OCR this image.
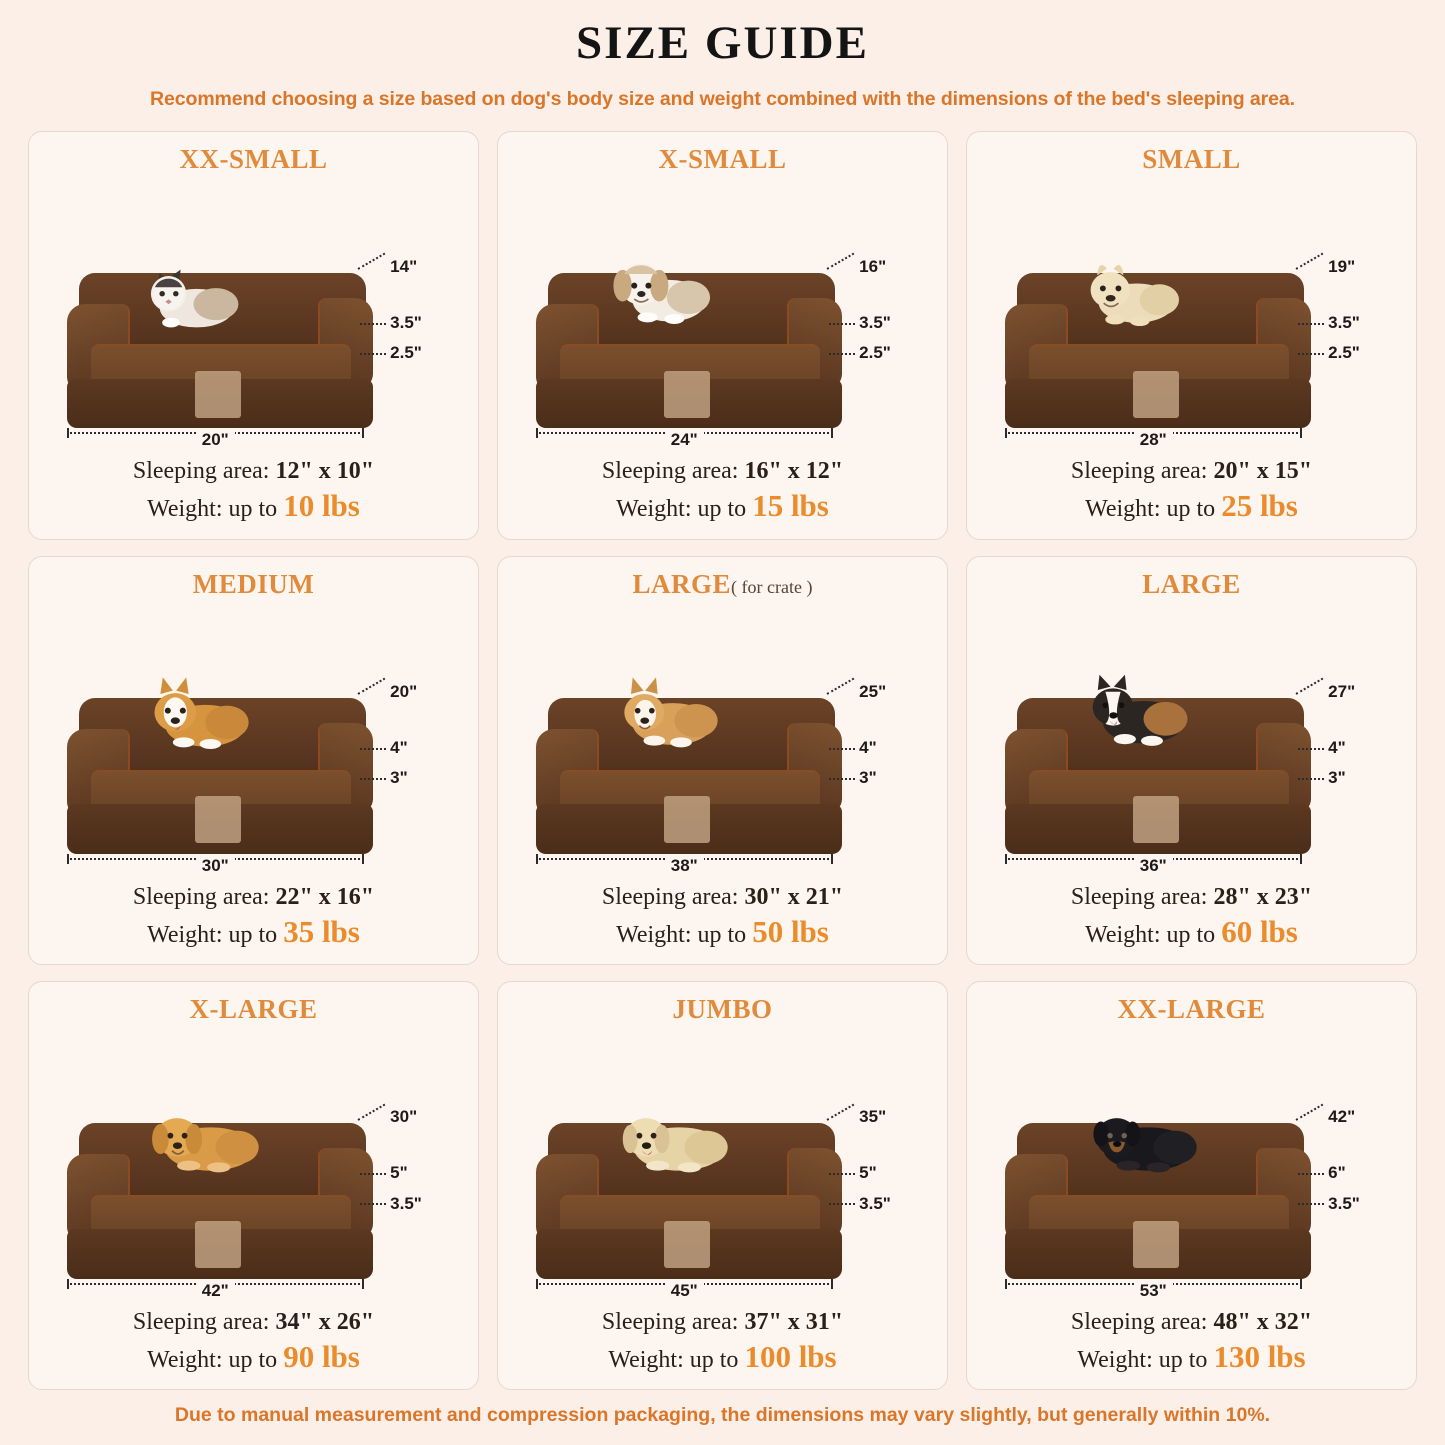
SIZE GUIDE
Recommend choosing a size based on dog's body size and weight combined with the dimensions of the bed's sleeping area.
XX-SMALL
14"
3.5"
2.5"
20"
Sleeping area: 12" x 10"
Weight: up to 10 lbs
X-SMALL
16"
3.5"
2.5"
24"
Sleeping area: 16" x 12"
Weight: up to 15 lbs
SMALL
19"
3.5"
2.5"
28"
Sleeping area: 20" x 15"
Weight: up to 25 lbs
MEDIUM
20"
4"
3"
30"
Sleeping area: 22" x 16"
Weight: up to 35 lbs
LARGE( for crate )
25"
4"
3"
38"
Sleeping area: 30" x 21"
Weight: up to 50 lbs
LARGE
27"
4"
3"
36"
Sleeping area: 28" x 23"
Weight: up to 60 lbs
X-LARGE
30"
5"
3.5"
42"
Sleeping area: 34" x 26"
Weight: up to 90 lbs
JUMBO
35"
5"
3.5"
45"
Sleeping area: 37" x 31"
Weight: up to 100 lbs
XX-LARGE
42"
6"
3.5"
53"
Sleeping area: 48" x 32"
Weight: up to 130 lbs
Due to manual measurement and compression packaging, the dimensions may vary slightly, but generally within 10%.
